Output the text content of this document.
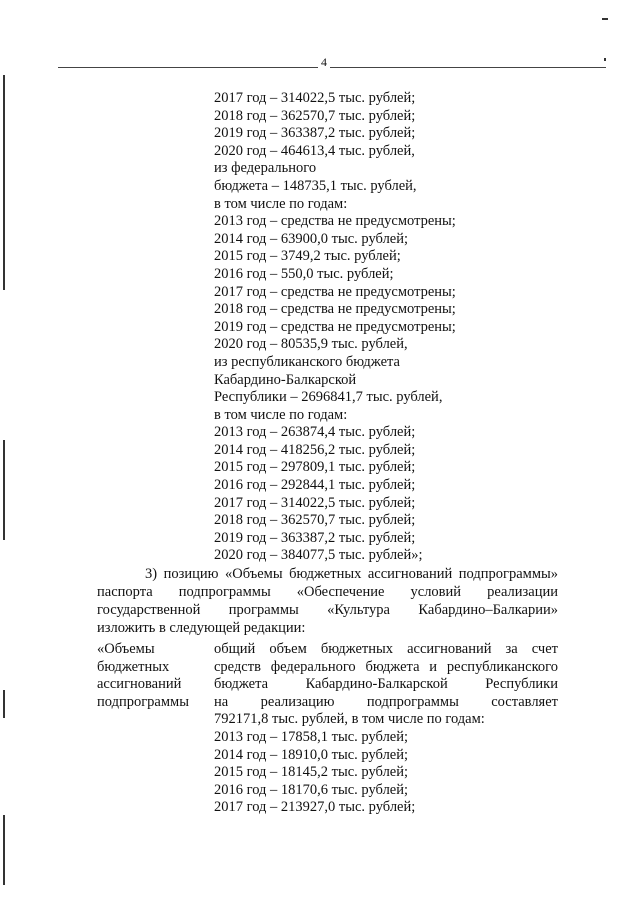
4
2017 год – 314022,5 тыс. рублей;
2018 год – 362570,7 тыс. рублей;
2019 год – 363387,2 тыс. рублей;
2020 год – 464613,4 тыс. рублей,
из федерального
бюджета – 148735,1 тыс. рублей,
в том числе по годам:
2013 год – средства не предусмотрены;
2014 год – 63900,0 тыс. рублей;
2015 год – 3749,2 тыс. рублей;
2016 год – 550,0 тыс. рублей;
2017 год – средства не предусмотрены;
2018 год – средства не предусмотрены;
2019 год – средства не предусмотрены;
2020 год – 80535,9 тыс. рублей,
из республиканского бюджета
Кабардино-Балкарской
Республики – 2696841,7 тыс. рублей,
в том числе по годам:
2013 год – 263874,4 тыс. рублей;
2014 год – 418256,2 тыс. рублей;
2015 год – 297809,1 тыс. рублей;
2016 год – 292844,1 тыс. рублей;
2017 год – 314022,5 тыс. рублей;
2018 год – 362570,7 тыс. рублей;
2019 год – 363387,2 тыс. рублей;
2020 год – 384077,5 тыс. рублей»;
3) позицию «Объемы бюджетных ассигнований подпрограммы»
паспорта подпрограммы «Обеспечение условий реализации
государственной программы «Культура Кабардино–Балкарии»
изложить в следующей редакции:
«Объемы
бюджетных
ассигнований
подпрограммы
общий объем бюджетных ассигнований за счет
средств федерального бюджета и республиканского
бюджета Кабардино-Балкарской Республики
на реализацию подпрограммы составляет
792171,8 тыс. рублей, в том числе по годам:
2013 год – 17858,1 тыс. рублей;
2014 год – 18910,0 тыс. рублей;
2015 год – 18145,2 тыс. рублей;
2016 год – 18170,6 тыс. рублей;
2017 год – 213927,0 тыс. рублей;
